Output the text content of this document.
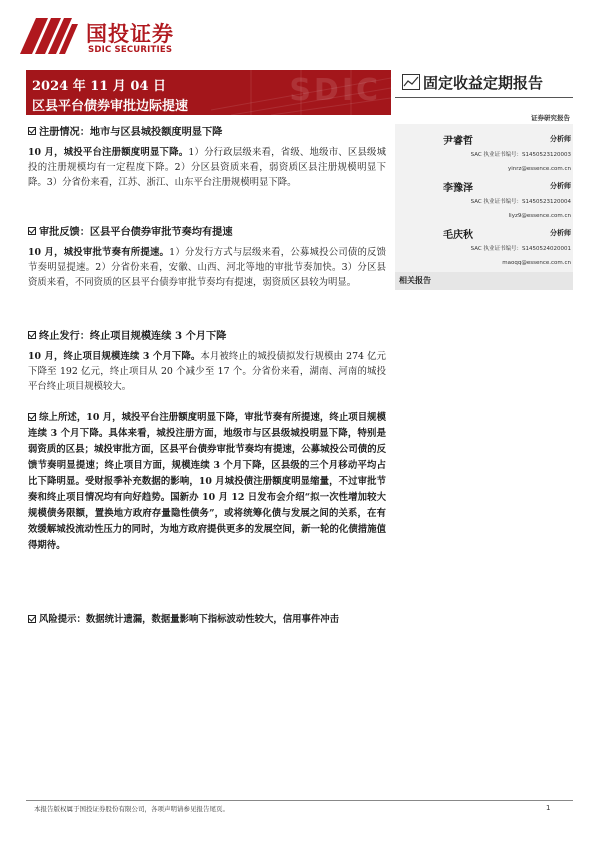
国投证券
SDIC SECURITIES
SDIC
2024 年 11 月 04 日
区县平台债券审批边际提速
固定收益定期报告
证券研究报告
尹睿哲	分析师
SAC 执业证书编号：S1450523120003
yinrz@essence.com.cn
李豫泽	分析师
SAC 执业证书编号：S1450523120004
liyz9@essence.com.cn
毛庆秋	分析师
SAC 执业证书编号：S1450524020001
maoqq@essence.com.cn
相关报告
注册情况：地市与区县城投额度明显下降

10 月，城投平台注册额度明显下降。1）分行政层级来看，省级、地级市、区县级城投的注册规模均有一定程度下降。2）分区县资质来看，弱资质区县注册规模明显下降。3）分省份来看，江苏、浙江、山东平台注册规模明显下降。

审批反馈：区县平台债券审批节奏均有提速

10 月，城投审批节奏有所提速。1）分发行方式与层级来看，公募城投公司债的反馈节奏明显提速。2）分省份来看，安徽、山西、河北等地的审批节奏加快。3）分区县资质来看，不同资质的区县平台债券审批节奏均有提速，弱资质区县较为明显。

终止发行：终止项目规模连续 3 个月下降

10 月，终止项目规模连续 3 个月下降。本月被终止的城投债拟发行规模由 274 亿元下降至 192 亿元，终止项目从 20 个减少至 17 个。分省份来看，湖南、河南的城投平台终止项目规模较大。

综上所述，10 月，城投平台注册额度明显下降，审批节奏有所提速，终止项目规模连续 3 个月下降。具体来看，城投注册方面，地级市与区县级城投明显下降，特别是弱资质的区县；城投审批方面，区县平台债券审批节奏均有提速，公募城投公司债的反馈节奏明显提速；终止项目方面，规模连续 3 个月下降，区县级的三个月移动平均占比下降明显。受财报季补充数据的影响，10 月城投债注册额度明显缩量，不过审批节奏和终止项目情况均有向好趋势。国新办 10 月 12 日发布会介绍“拟一次性增加较大规模债务限额，置换地方政府存量隐性债务”，或将统筹化债与发展之间的关系，在有效缓解城投流动性压力的同时，为地方政府提供更多的发展空间，新一轮的化债措施值得期待。

风险提示：数据统计遗漏，数据量影响下指标波动性较大，信用事件冲击

本报告版权属于国投证券股份有限公司，各项声明请参见报告尾页。	1
